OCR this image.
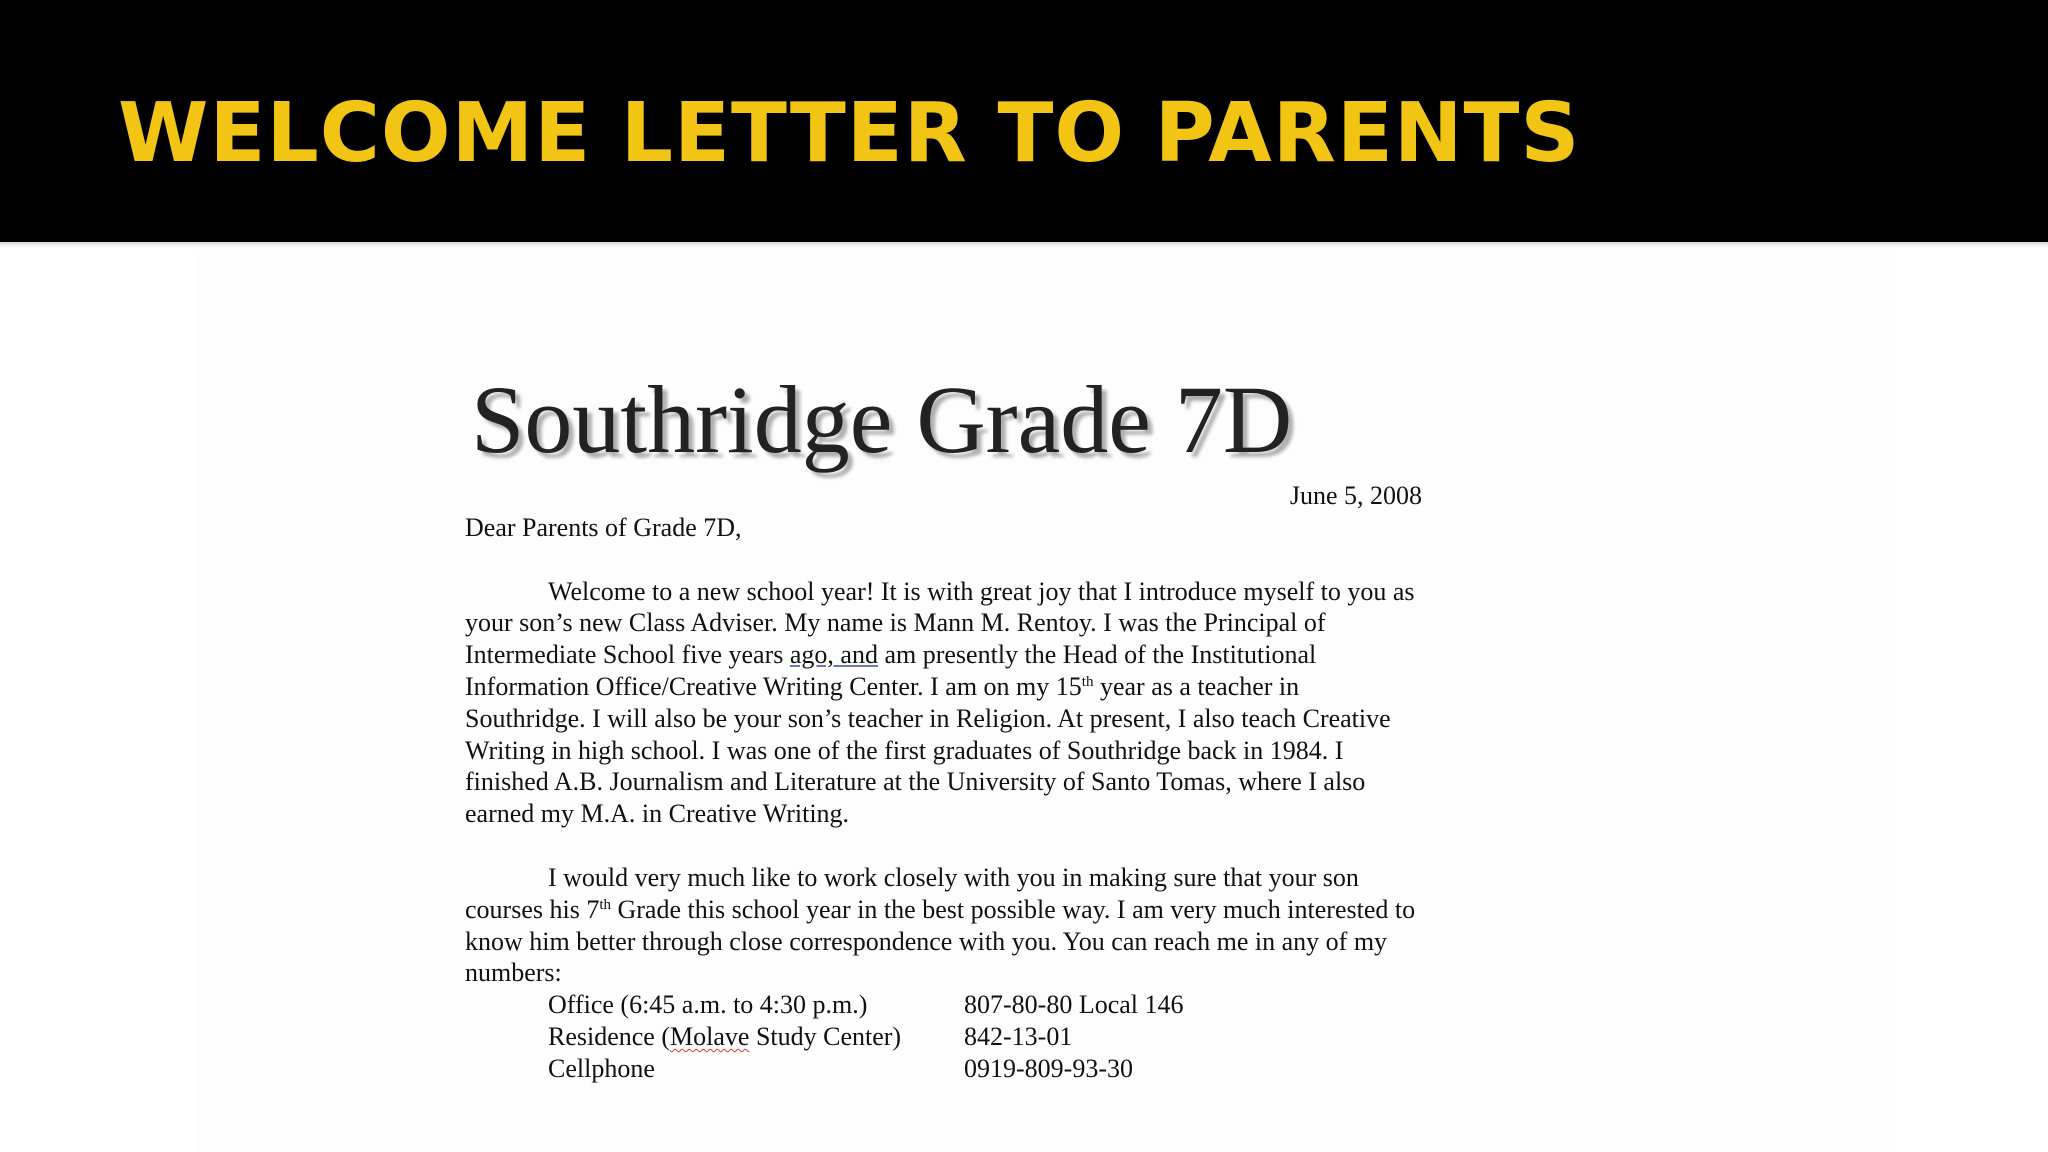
WELCOME LETTER TO PARENTS
Southridge Grade 7D

June 5, 2008

Dear Parents of Grade 7D,

Welcome to a new school year! It is with great joy that I introduce myself to you as your son’s new Class Adviser. My name is Mann M. Rentoy. I was the Principal of Intermediate School five years ago, and am presently the Head of the Institutional Information Office/Creative Writing Center. I am on my 15th year as a teacher in Southridge. I will also be your son’s teacher in Religion. At present, I also teach Creative Writing in high school. I was one of the first graduates of Southridge back in 1984. I finished A.B. Journalism and Literature at the University of Santo Tomas, where I also earned my M.A. in Creative Writing.

I would very much like to work closely with you in making sure that your son courses his 7th Grade this school year in the best possible way. I am very much interested to know him better through close correspondence with you. You can reach me in any of my numbers:

Office (6:45 a.m. to 4:30 p.m.)	807-80-80 Local 146
Residence (Molave Study Center)	842-13-01
Cellphone	0919-809-93-30
